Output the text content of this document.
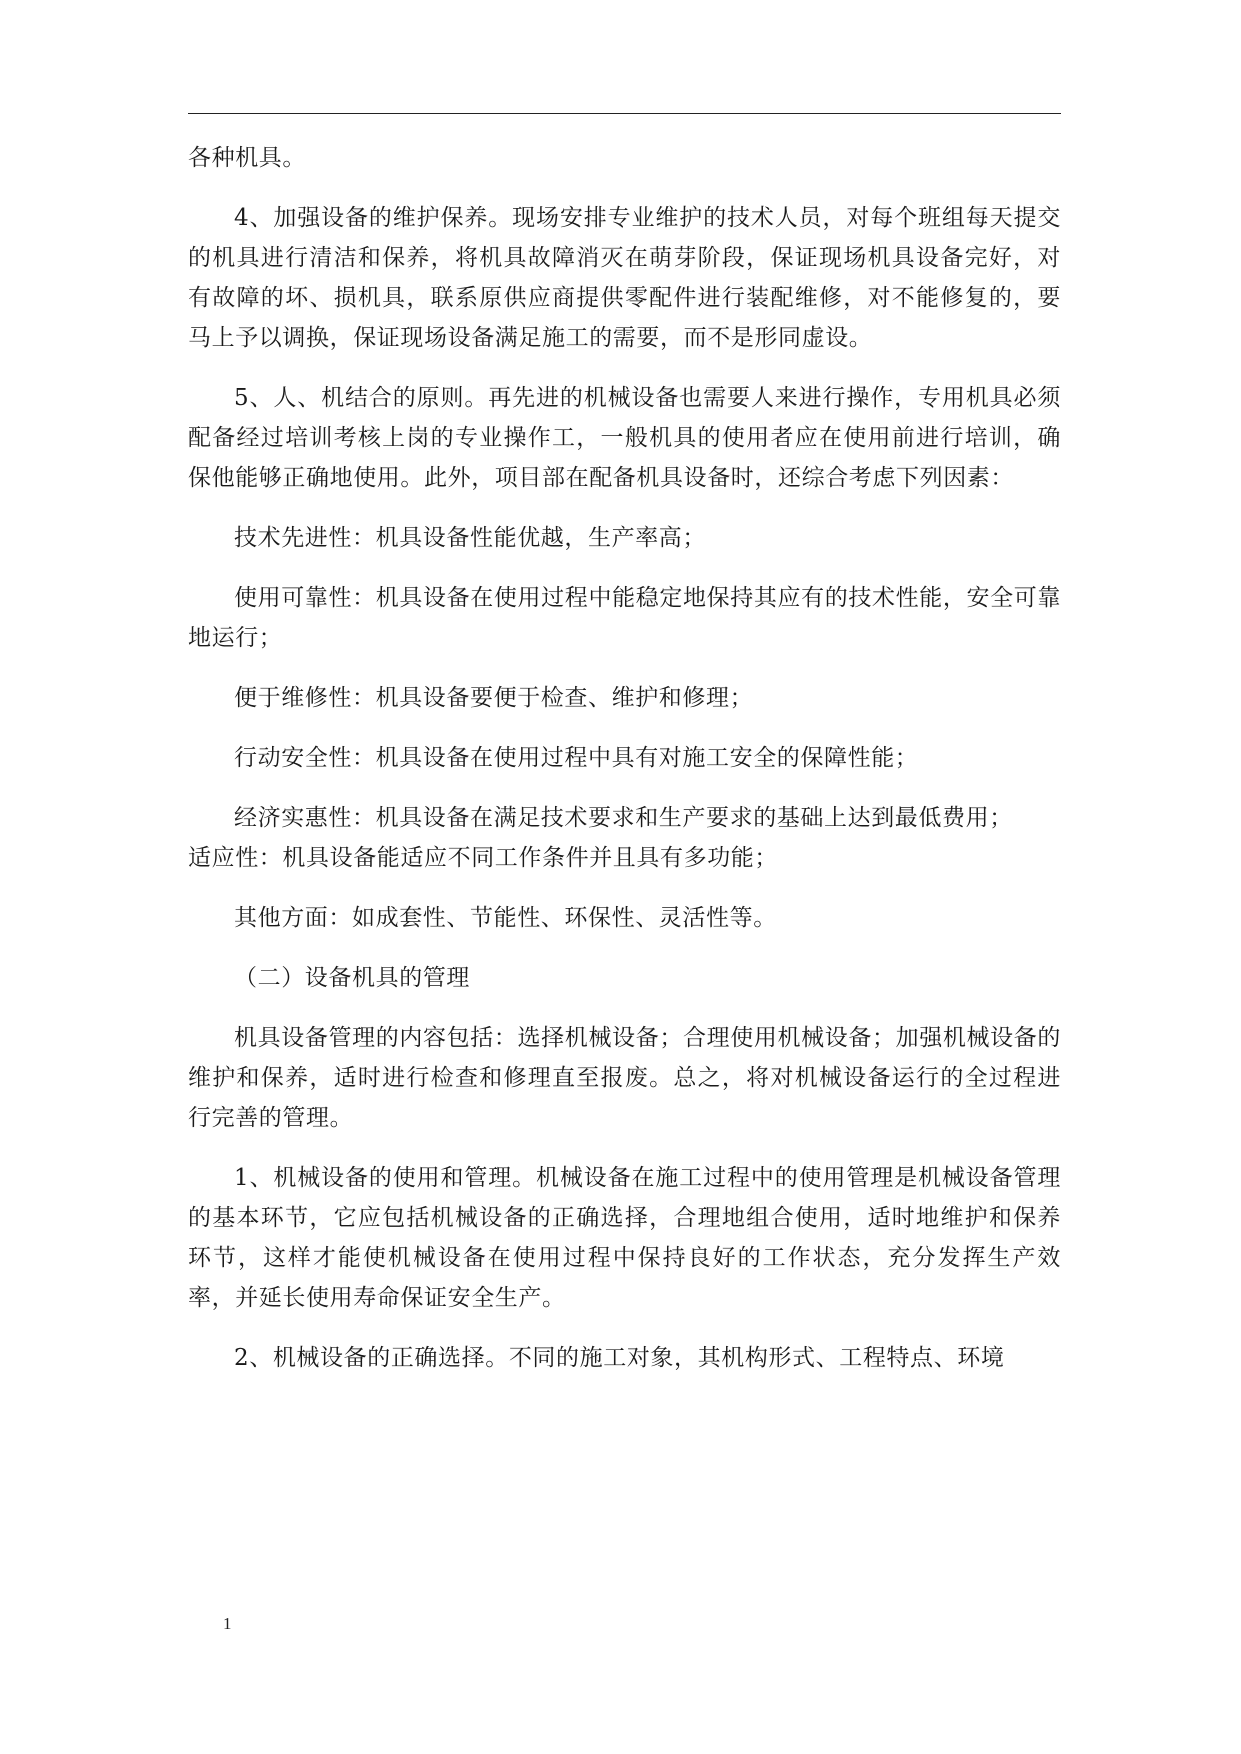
各种机具。

4、加强设备的维护保养。现场安排专业维护的技术人员，对每个班组每天提交的机具进行清洁和保养，将机具故障消灭在萌芽阶段，保证现场机具设备完好，对有故障的坏、损机具，联系原供应商提供零配件进行装配维修，对不能修复的，要马上予以调换，保证现场设备满足施工的需要，而不是形同虚设。

5、人、机结合的原则。再先进的机械设备也需要人来进行操作，专用机具必须配备经过培训考核上岗的专业操作工，一般机具的使用者应在使用前进行培训，确保他能够正确地使用。此外，项目部在配备机具设备时，还综合考虑下列因素：

技术先进性：机具设备性能优越，生产率高；

使用可靠性：机具设备在使用过程中能稳定地保持其应有的技术性能，安全可靠地运行；

便于维修性：机具设备要便于检查、维护和修理；

行动安全性：机具设备在使用过程中具有对施工安全的保障性能；

经济实惠性：机具设备在满足技术要求和生产要求的基础上达到最低费用；

适应性：机具设备能适应不同工作条件并且具有多功能；

其他方面：如成套性、节能性、环保性、灵活性等。

（二）设备机具的管理

机具设备管理的内容包括：选择机械设备；合理使用机械设备；加强机械设备的维护和保养，适时进行检查和修理直至报废。总之，将对机械设备运行的全过程进行完善的管理。

1、机械设备的使用和管理。机械设备在施工过程中的使用管理是机械设备管理的基本环节，它应包括机械设备的正确选择，合理地组合使用，适时地维护和保养环节，这样才能使机械设备在使用过程中保持良好的工作状态，充分发挥生产效率，并延长使用寿命保证安全生产。

2、机械设备的正确选择。不同的施工对象，其机构形式、工程特点、环境

1
